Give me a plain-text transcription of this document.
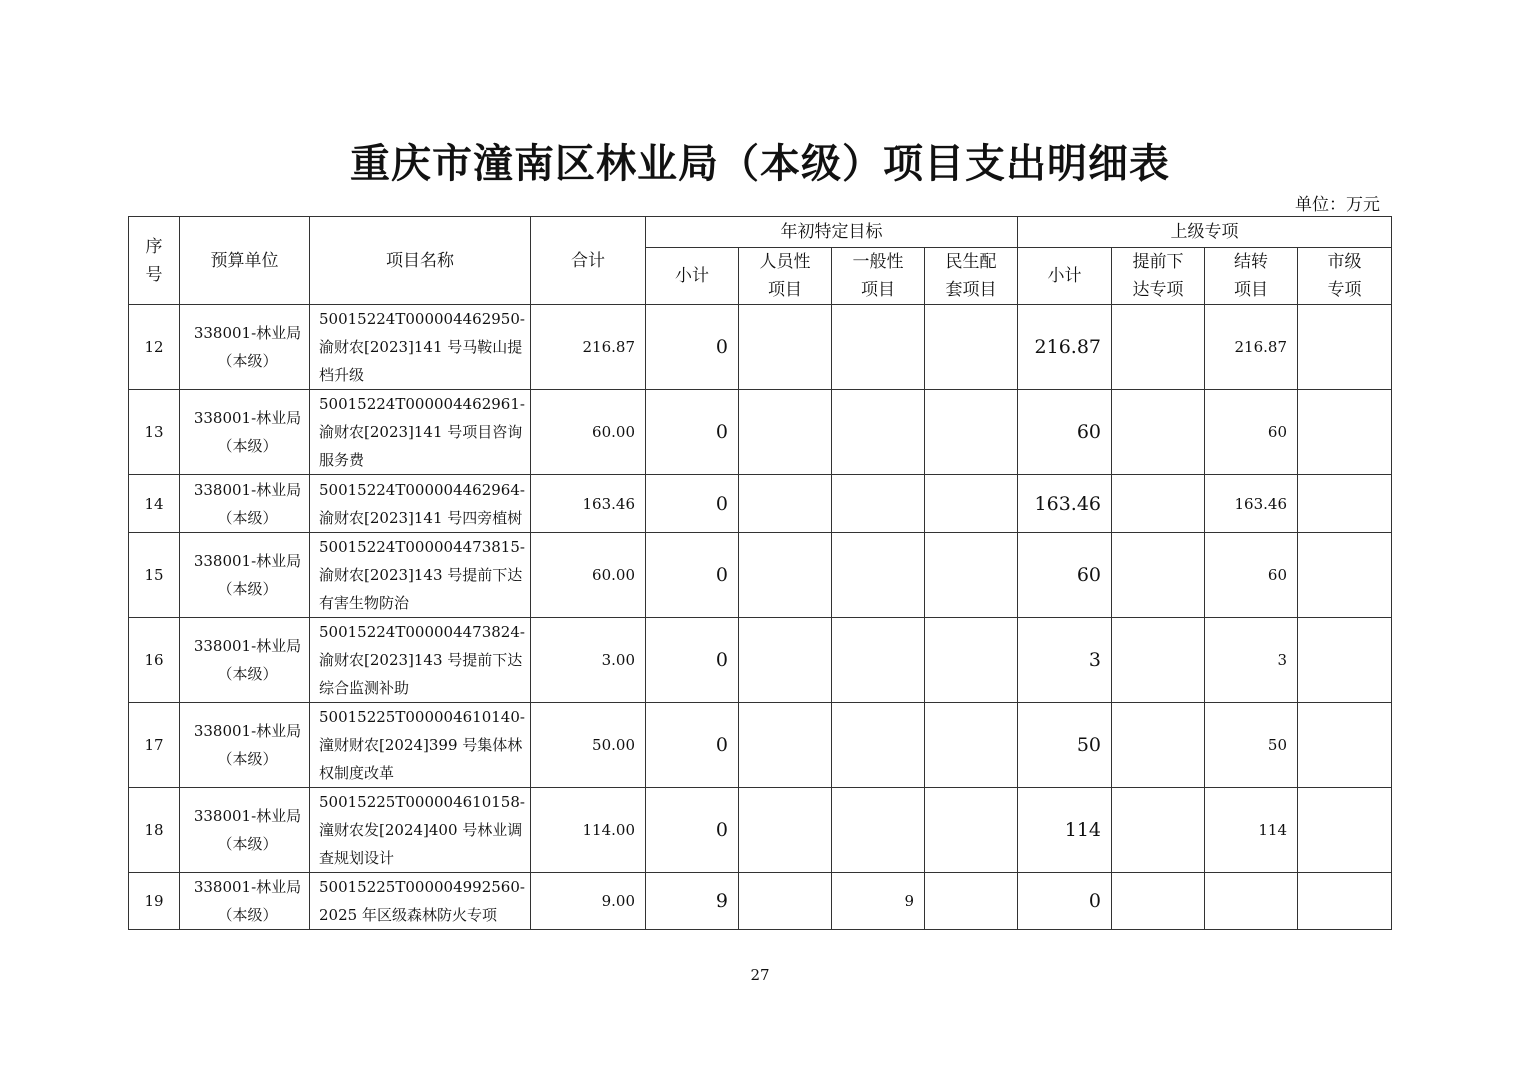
重庆市潼南区林业局（本级）项目支出明细表
单位：万元
序号	预算单位	项目名称	合计	年初特定目标				上级专项			
				小计	人员性项目	一般性项目	民生配套项目	小计	提前下达专项	结转项目	市级专项

12	338001-林业局（本级）	50015224T000004462950-渝财农[2023]141 号马鞍山提档升级	216.87	0				216.87		216.87	
13	338001-林业局（本级）	50015224T000004462961-渝财农[2023]141 号项目咨询服务费	60.00	0				60		60	
14	338001-林业局（本级）	50015224T000004462964-渝财农[2023]141 号四旁植树	163.46	0				163.46		163.46	
15	338001-林业局（本级）	50015224T000004473815-渝财农[2023]143 号提前下达有害生物防治	60.00	0				60		60	
16	338001-林业局（本级）	50015224T000004473824-渝财农[2023]143 号提前下达综合监测补助	3.00	0				3		3	
17	338001-林业局（本级）	50015225T000004610140-潼财财农[2024]399 号集体林权制度改革	50.00	0				50		50	
18	338001-林业局（本级）	50015225T000004610158-潼财农发[2024]400 号林业调查规划设计	114.00	0				114		114	
19	338001-林业局（本级）	50015225T000004992560-2025 年区级森林防火专项	9.00	9		9		0			
27
